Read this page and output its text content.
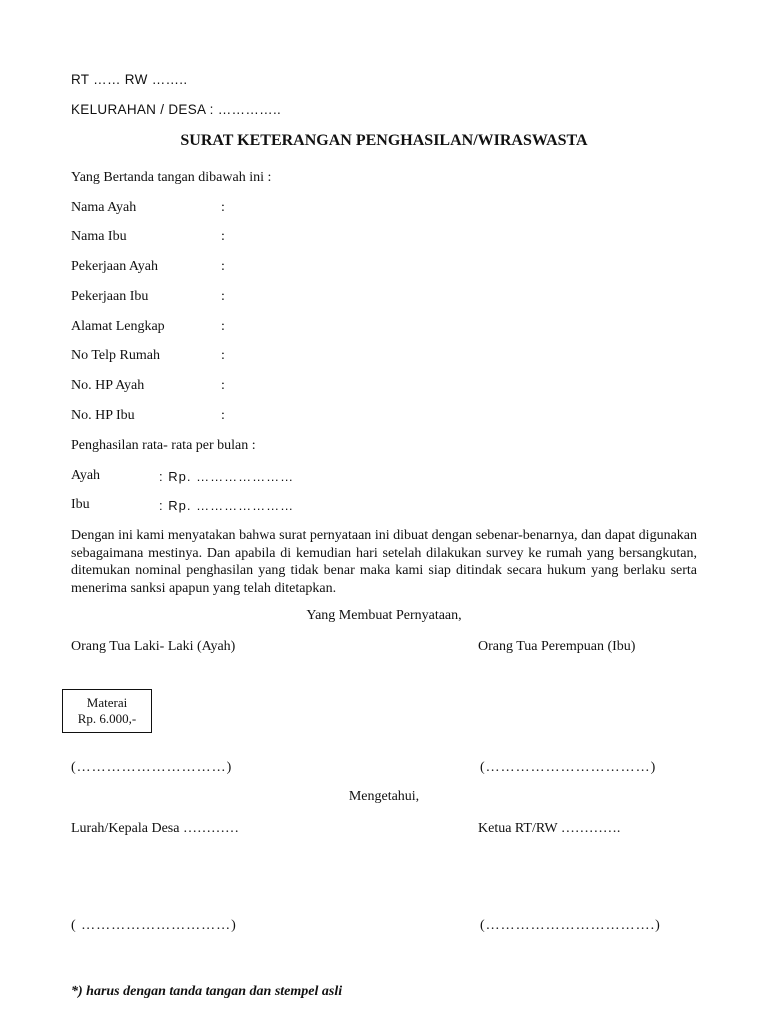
RT …… RW ……..
KELURAHAN / DESA : …………..
SURAT KETERANGAN PENGHASILAN/WIRASWASTA
Yang Bertanda tangan dibawah ini :
Nama Ayah	:
Nama Ibu	:
Pekerjaan Ayah	:
Pekerjaan Ibu	:
Alamat Lengkap	:
No Telp Rumah	:
No. HP Ayah	:
No. HP Ibu	:
Penghasilan rata- rata per bulan :
Ayah	: Rp. …………………
Ibu	: Rp. …………………
Dengan ini kami menyatakan bahwa surat pernyataan ini dibuat dengan sebenar-benarnya, dan dapat digunakan sebagaimana mestinya. Dan apabila di kemudian hari setelah dilakukan survey ke rumah yang bersangkutan, ditemukan nominal penghasilan yang tidak benar maka kami siap ditindak secara hukum yang berlaku serta menerima sanksi apapun yang telah ditetapkan.
Yang Membuat Pernyataan,
Orang Tua Laki- Laki (Ayah)	Orang Tua Perempuan (Ibu)
Materai
Rp. 6.000,-
(…………………………)	(……………………………)
Mengetahui,
Lurah/Kepala Desa …………	Ketua RT/RW ………….
( …………………………)	(…………………………….)
*) harus dengan tanda tangan dan stempel asli
